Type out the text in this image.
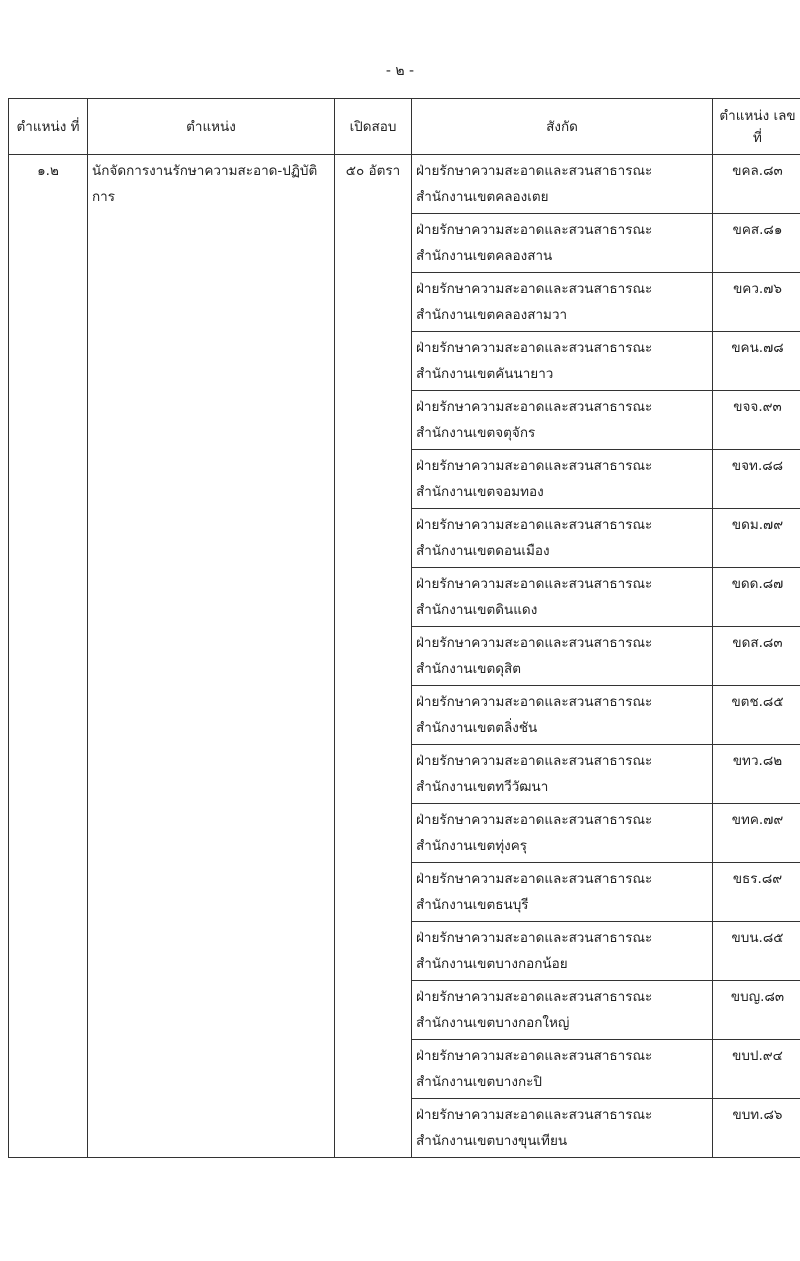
- ๒ -
ตำแหน่ง ที่	ตำแหน่ง	เปิดสอบ	สังกัด	ตำแหน่ง เลขที่
๑.๒	นักจัดการงานรักษาความสะอาด-ปฏิบัติการ	๕๐ อัตรา	ฝ่ายรักษาความสะอาดและสวนสาธารณะ
สำนักงานเขตคลองเตย	ขคล.๘๓

			ฝ่ายรักษาความสะอาดและสวนสาธารณะ
สำนักงานเขตคลองสาน	ขคส.๘๑

			ฝ่ายรักษาความสะอาดและสวนสาธารณะ
สำนักงานเขตคลองสามวา	ขคว.๗๖

			ฝ่ายรักษาความสะอาดและสวนสาธารณะ
สำนักงานเขตคันนายาว	ขคน.๗๘

			ฝ่ายรักษาความสะอาดและสวนสาธารณะ
สำนักงานเขตจตุจักร	ขจจ.๙๓

			ฝ่ายรักษาความสะอาดและสวนสาธารณะ
สำนักงานเขตจอมทอง	ขจท.๘๘

			ฝ่ายรักษาความสะอาดและสวนสาธารณะ
สำนักงานเขตดอนเมือง	ขดม.๗๙

			ฝ่ายรักษาความสะอาดและสวนสาธารณะ
สำนักงานเขตดินแดง	ขดด.๘๗

			ฝ่ายรักษาความสะอาดและสวนสาธารณะ
สำนักงานเขตดุสิต	ขดส.๘๓

			ฝ่ายรักษาความสะอาดและสวนสาธารณะ
สำนักงานเขตตลิ่งชัน	ขตช.๘๕

			ฝ่ายรักษาความสะอาดและสวนสาธารณะ
สำนักงานเขตทวีวัฒนา	ขทว.๘๒

			ฝ่ายรักษาความสะอาดและสวนสาธารณะ
สำนักงานเขตทุ่งครุ	ขทค.๗๙

			ฝ่ายรักษาความสะอาดและสวนสาธารณะ
สำนักงานเขตธนบุรี	ขธร.๘๙

			ฝ่ายรักษาความสะอาดและสวนสาธารณะ
สำนักงานเขตบางกอกน้อย	ขบน.๘๕

			ฝ่ายรักษาความสะอาดและสวนสาธารณะ
สำนักงานเขตบางกอกใหญ่	ขบญ.๘๓

			ฝ่ายรักษาความสะอาดและสวนสาธารณะ
สำนักงานเขตบางกะปิ	ขบป.๙๔

			ฝ่ายรักษาความสะอาดและสวนสาธารณะ
สำนักงานเขตบางขุนเทียน	ขบท.๘๖
